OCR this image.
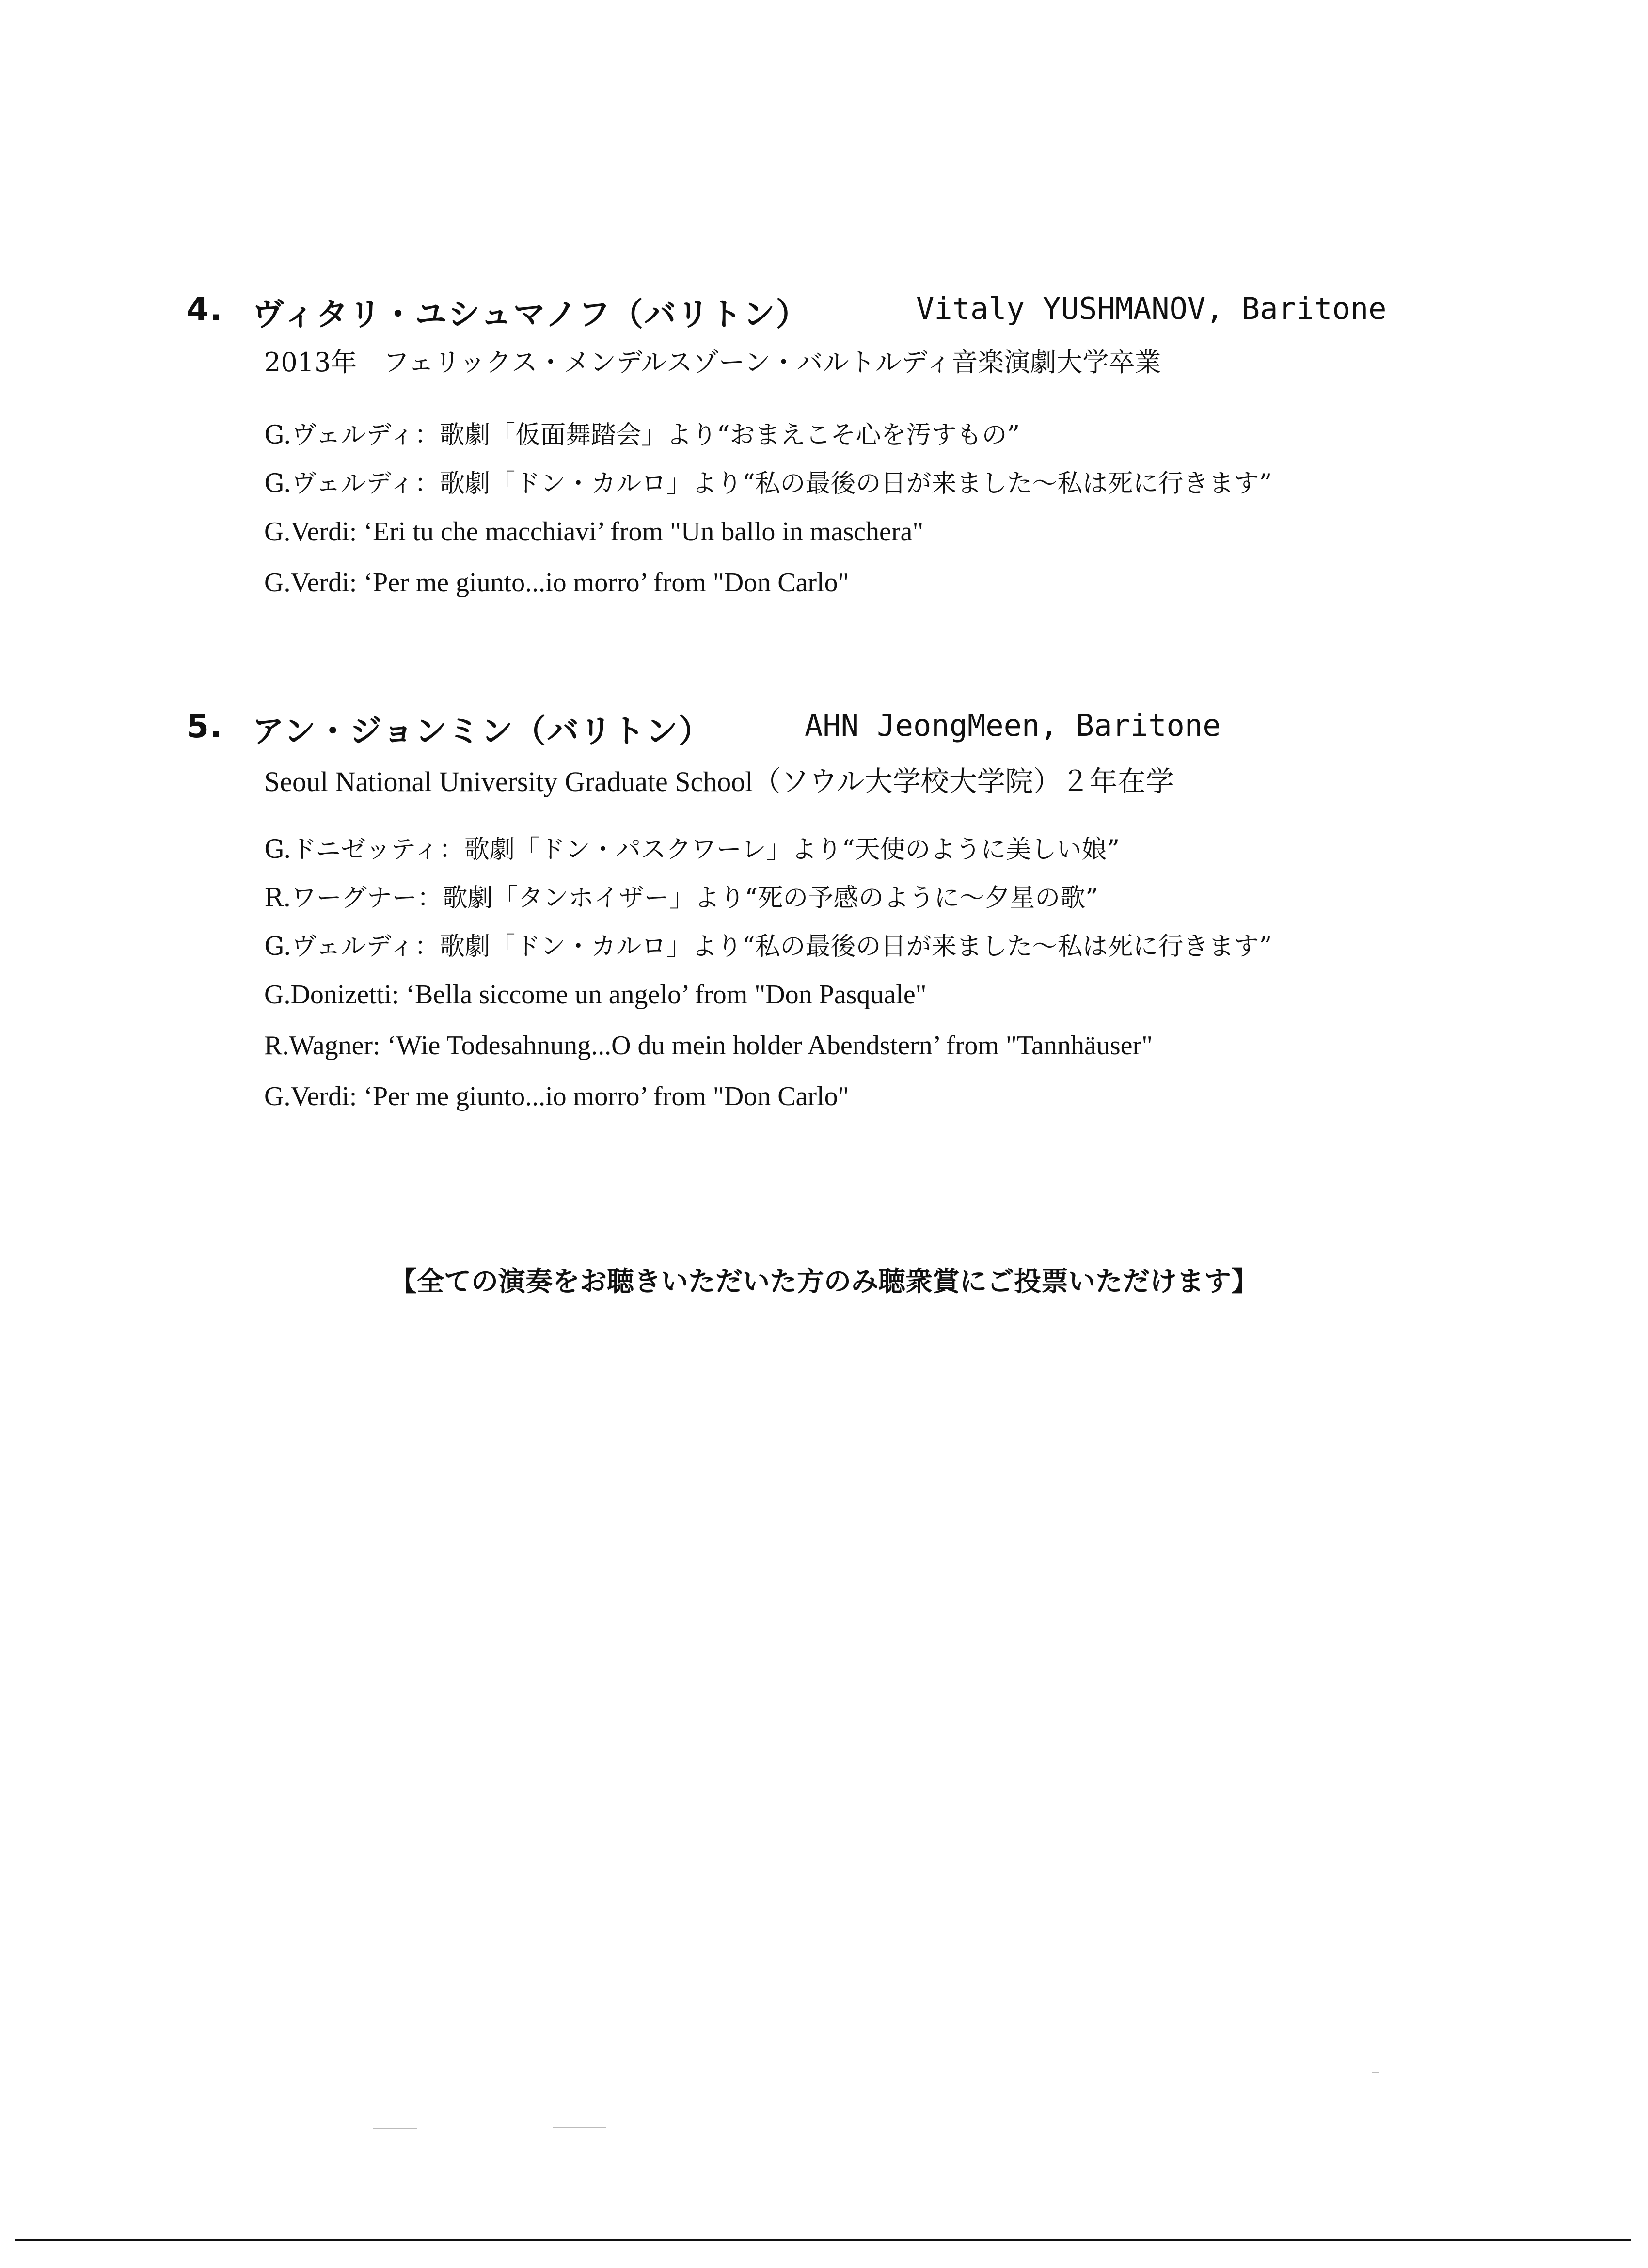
4. ヴィタリ・ユシュマノフ（バリトン）	Vitaly YUSHMANOV, Baritone
2013年　フェリックス・メンデルスゾーン・バルトルディ音楽演劇大学卒業
G.ヴェルディ：歌劇「仮面舞踏会」より“おまえこそ心を汚すもの”
G.ヴェルディ：歌劇「ドン・カルロ」より“私の最後の日が来ました～私は死に行きます”
G.Verdi: ‘Eri tu che macchiavi’ from "Un ballo in maschera"
G.Verdi: ‘Per me giunto...io morro’ from "Don Carlo"
5. アン・ジョンミン（バリトン）	AHN JeongMeen, Baritone
Seoul National University Graduate School（ソウル大学校大学院）２年在学
G.ドニゼッティ：歌劇「ドン・パスクワーレ」より“天使のように美しい娘”
R.ワーグナー：歌劇「タンホイザー」より“死の予感のように～夕星の歌”
G.ヴェルディ：歌劇「ドン・カルロ」より“私の最後の日が来ました～私は死に行きます”
G.Donizetti: ‘Bella siccome un angelo’ from "Don Pasquale"
R.Wagner: ‘Wie Todesahnung...O du mein holder Abendstern’ from "Tannhäuser"
G.Verdi: ‘Per me giunto...io morro’ from "Don Carlo"
【全ての演奏をお聴きいただいた方のみ聴衆賞にご投票いただけます】
